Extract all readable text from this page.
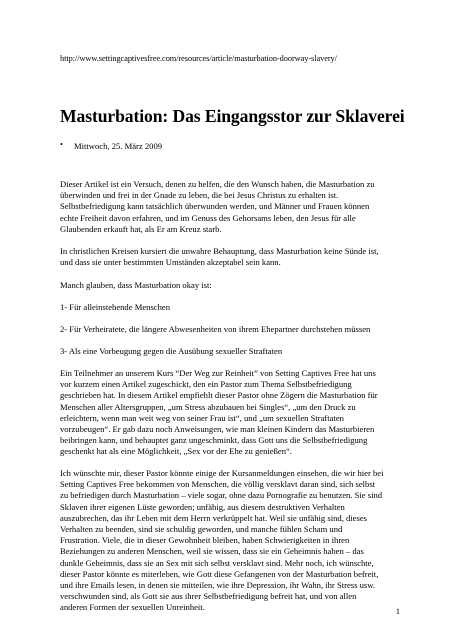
http://www.settingcaptivesfree.com/resources/article/masturbation-doorway-slavery/
Masturbation: Das Eingangsstor zur Sklaverei
• Mittwoch, 25. März 2009
Dieser Artikel ist ein Versuch, denen zu helfen, die den Wunsch haben, die Masturbation zu
überwinden und frei in der Gnade zu leben, die bei Jesus Christus zu erhalten ist.
Selbstbefriedigung kann tatsächlich überwunden werden, und Männer und Frauen können
echte Freiheit davon erfahren, und im Genuss des Gehorsams leben, den Jesus für alle
Glaubenden erkauft hat, als Er am Kreuz starb.
In christlichen Kreisen kursiert die unwahre Behauptung, dass Masturbation keine Sünde ist,
und dass sie unter bestimmten Umständen akzeptabel sein kann.
Manch glauben, dass Masturbation okay ist:
1- Für alleinstehende Menschen
2- Für Verheiratete, die längere Abwesenheiten von ihrem Ehepartner durchstehen müssen
3- Als eine Vorbeugung gegen die Ausübung sexueller Straftaten
Ein Teilnehmer an unserem Kurs “Der Weg zur Reinheit” von Setting Captives Free hat uns
vor kurzem einen Artikel zugeschickt, den ein Pastor zum Thema Selbstbefriedigung
geschrieben hat. In diesem Artikel empfiehlt dieser Pastor ohne Zögern die Masturbation für
Menschen aller Altersgruppen, „um Stress abzubauen bei Singles“, „um den Druck zu
erleichtern, wenn man weit weg von seiner Frau ist“, und „um sexuellen Straftaten
vorzubeugen“. Er gab dazu noch Anweisungen, wie man kleinen Kindern das Masturbieren
beibringen kann, und behauptet ganz ungeschminkt, dass Gott uns die Selbstbefriedigung
geschenkt hat als eine Möglichkeit, „Sex vor der Ehe zu genießen“.
Ich wünschte mir, dieser Pastor könnte einige der Kursanmeldungen einsehen, die wir hier bei
Setting Captives Free bekommen von Menschen, die völlig versklavt daran sind, sich selbst
zu befriedigen durch Masturbation – viele sogar, ohne dazu Pornografie zu benutzen. Sie sind
Sklaven ihrer eigenen Lüste geworden; unfähig, aus diesem destruktiven Verhalten
auszubrechen, das ihr Leben mit dem Herrn verkrüppelt hat. Weil sie unfähig sind, dieses
Verhalten zu beenden, sind sie schuldig geworden, und manche fühlen Scham und
Frustration. Viele, die in dieser Gewohnheit bleiben, haben Schwierigkeiten in ihren
Beziehungen zu anderen Menschen, weil sie wissen, dass sie ein Geheimnis haben – das
dunkle Geheimnis, dass sie an Sex mit sich selbst versklavt sind. Mehr noch, ich wünschte,
dieser Pastor könnte es miterleben, wie Gott diese Gefangenen von der Masturbation befreit,
und ihre Emails lesen, in denen sie mitteilen, wie ihre Depression, ihr Wahn, ihr Stress usw.
verschwunden sind, als Gott sie aus ihrer Selbstbefriedigung befreit hat, und von allen
anderen Formen der sexuellen Unreinheit.	1
